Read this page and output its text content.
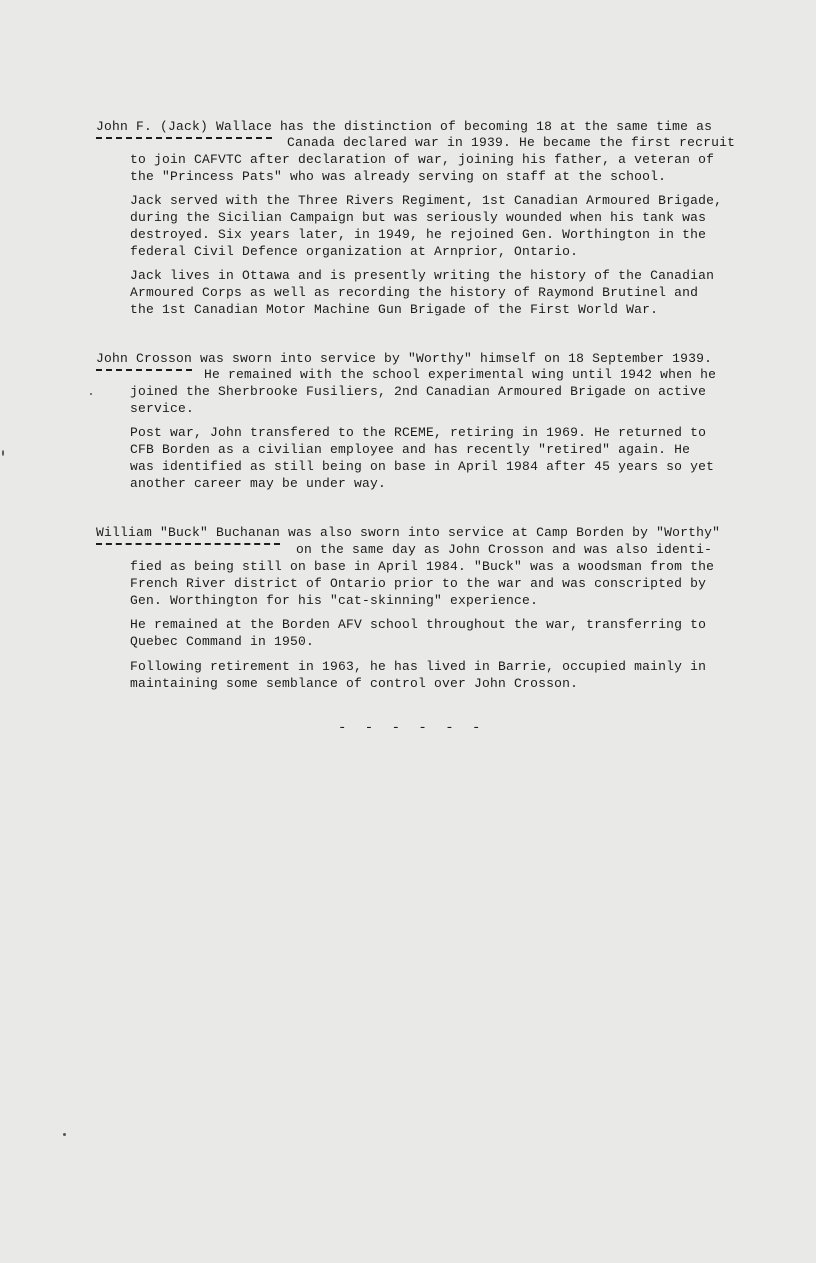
John F. (Jack) Wallace has the distinction of becoming 18 at the same time as
Canada declared war in 1939. He became the first recruit
to join CAFVTC after declaration of war, joining his father, a veteran of
the "Princess Pats" who was already serving on staff at the school.
Jack served with the Three Rivers Regiment, 1st Canadian Armoured Brigade,
during the Sicilian Campaign but was seriously wounded when his tank was
destroyed. Six years later, in 1949, he rejoined Gen. Worthington in the
federal Civil Defence organization at Arnprior, Ontario.
Jack lives in Ottawa and is presently writing the history of the Canadian
Armoured Corps as well as recording the history of Raymond Brutinel and
the 1st Canadian Motor Machine Gun Brigade of the First World War.
John Crosson was sworn into service by "Worthy" himself on 18 September 1939.
He remained with the school experimental wing until 1942 when he
joined the Sherbrooke Fusiliers, 2nd Canadian Armoured Brigade on active
service.
Post war, John transfered to the RCEME, retiring in 1969. He returned to
CFB Borden as a civilian employee and has recently "retired" again. He
was identified as still being on base in April 1984 after 45 years so yet
another career may be under way.
William "Buck" Buchanan was also sworn into service at Camp Borden by "Worthy"
on the same day as John Crosson and was also identi-
fied as being still on base in April 1984. "Buck" was a woodsman from the
French River district of Ontario prior to the war and was conscripted by
Gen. Worthington for his "cat-skinning" experience.
He remained at the Borden AFV school throughout the war, transferring to
Quebec Command in 1950.
Following retirement in 1963, he has lived in Barrie, occupied mainly in
maintaining some semblance of control over John Crosson.
- - - - - -
